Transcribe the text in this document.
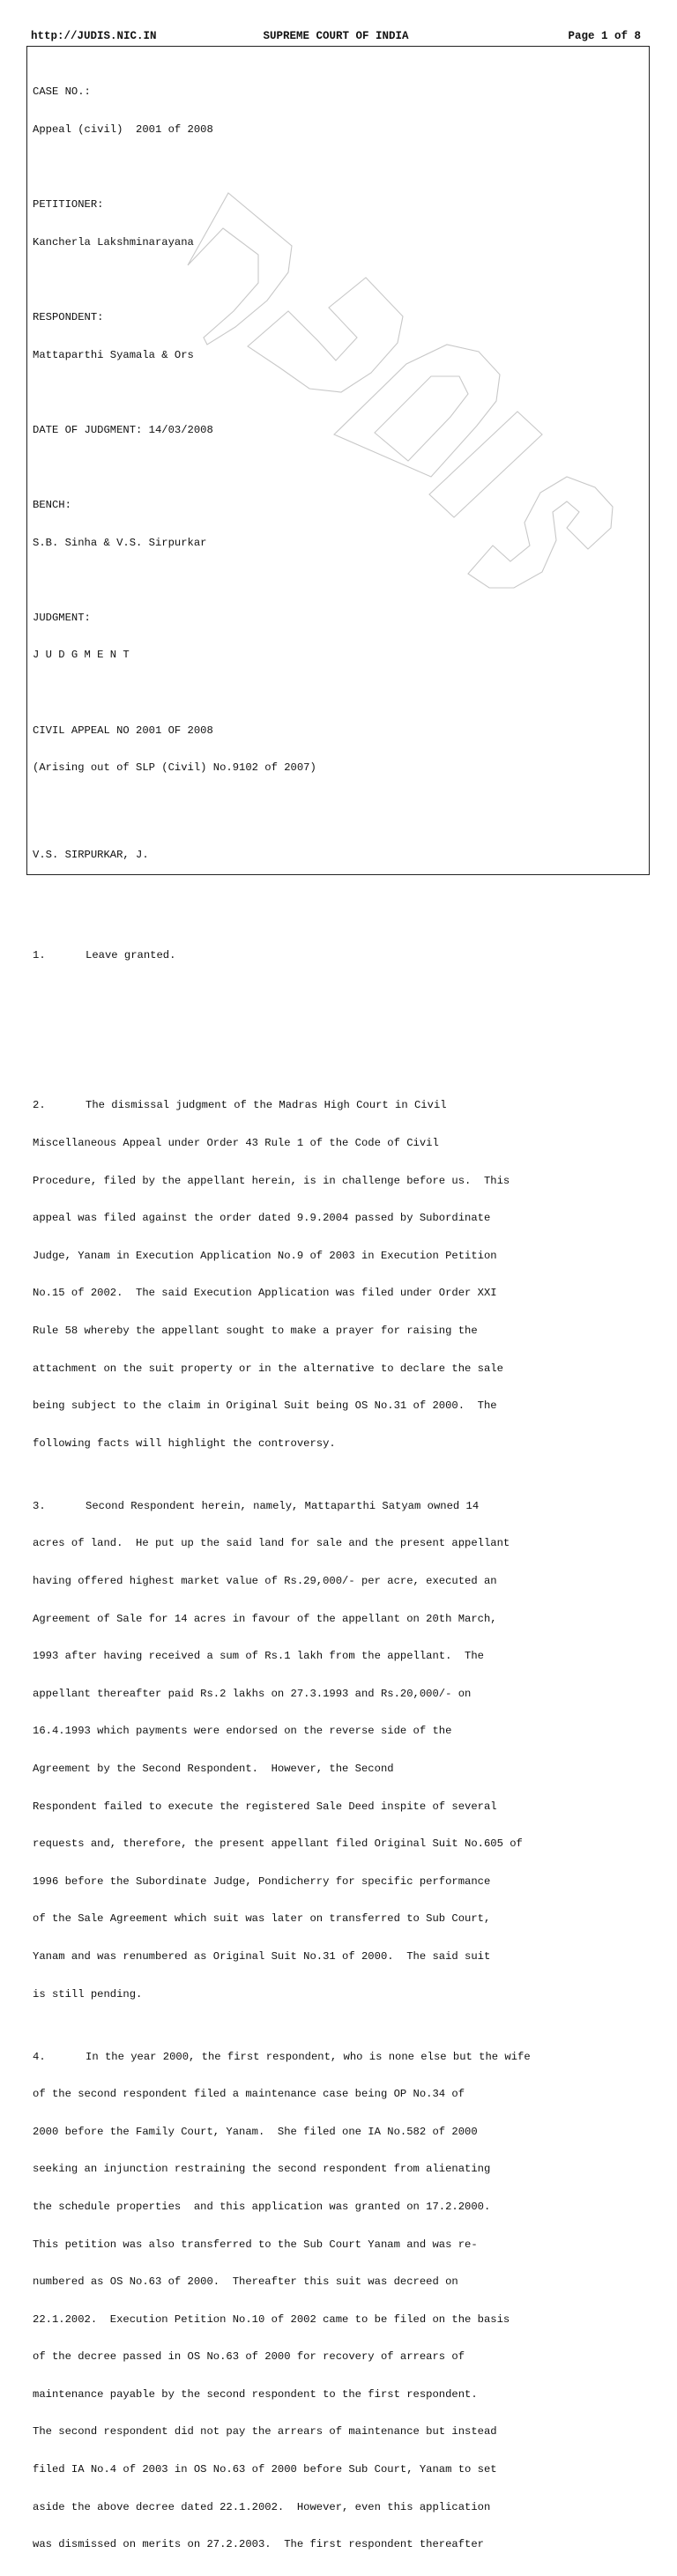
http://JUDIS.NIC.IN	SUPREME COURT OF INDIA	Page 1 of 8

CASE NO.:

Appeal (civil)  2001 of 2008

PETITIONER:

Kancherla Lakshminarayana

RESPONDENT:

Mattaparthi Syamala & Ors

DATE OF JUDGMENT: 14/03/2008

BENCH:

S.B. Sinha & V.S. Sirpurkar

JUDGMENT:

J U D G M E N T

CIVIL APPEAL NO 2001 OF 2008

(Arising out of SLP (Civil) No.9102 of 2007)

V.S. SIRPURKAR, J.

1.	Leave granted.

2.	The dismissal judgment of the Madras High Court in Civil

Miscellaneous Appeal under Order 43 Rule 1 of the Code of Civil

Procedure, filed by the appellant herein, is in challenge before us.  This

appeal was filed against the order dated 9.9.2004 passed by Subordinate

Judge, Yanam in Execution Application No.9 of 2003 in Execution Petition

No.15 of 2002.  The said Execution Application was filed under Order XXI

Rule 58 whereby the appellant sought to make a prayer for raising the

attachment on the suit property or in the alternative to declare the sale

being subject to the claim in Original Suit being OS No.31 of 2000.  The

following facts will highlight the controversy.

3.	Second Respondent herein, namely, Mattaparthi Satyam owned 14

acres of land.  He put up the said land for sale and the present appellant

having offered highest market value of Rs.29,000/- per acre, executed an

Agreement of Sale for 14 acres in favour of the appellant on 20th March,

1993 after having received a sum of Rs.1 lakh from the appellant.  The

appellant thereafter paid Rs.2 lakhs on 27.3.1993 and Rs.20,000/- on

16.4.1993 which payments were endorsed on the reverse side of the

Agreement by the Second Respondent.  However, the Second

Respondent failed to execute the registered Sale Deed inspite of several

requests and, therefore, the present appellant filed Original Suit No.605 of

1996 before the Subordinate Judge, Pondicherry for specific performance

of the Sale Agreement which suit was later on transferred to Sub Court,

Yanam and was renumbered as Original Suit No.31 of 2000.  The said suit

is still pending.

4.	In the year 2000, the first respondent, who is none else but the wife

of the second respondent filed a maintenance case being OP No.34 of

2000 before the Family Court, Yanam.  She filed one IA No.582 of 2000

seeking an injunction restraining the second respondent from alienating

the schedule properties  and this application was granted on 17.2.2000.

This petition was also transferred to the Sub Court Yanam and was re-

numbered as OS No.63 of 2000.  Thereafter this suit was decreed on

22.1.2002.  Execution Petition No.10 of 2002 came to be filed on the basis

of the decree passed in OS No.63 of 2000 for recovery of arrears of

maintenance payable by the second respondent to the first respondent.

The second respondent did not pay the arrears of maintenance but instead

filed IA No.4 of 2003 in OS No.63 of 2000 before Sub Court, Yanam to set

aside the above decree dated 22.1.2002.  However, even this application

was dismissed on merits on 27.2.2003.  The first respondent thereafter
